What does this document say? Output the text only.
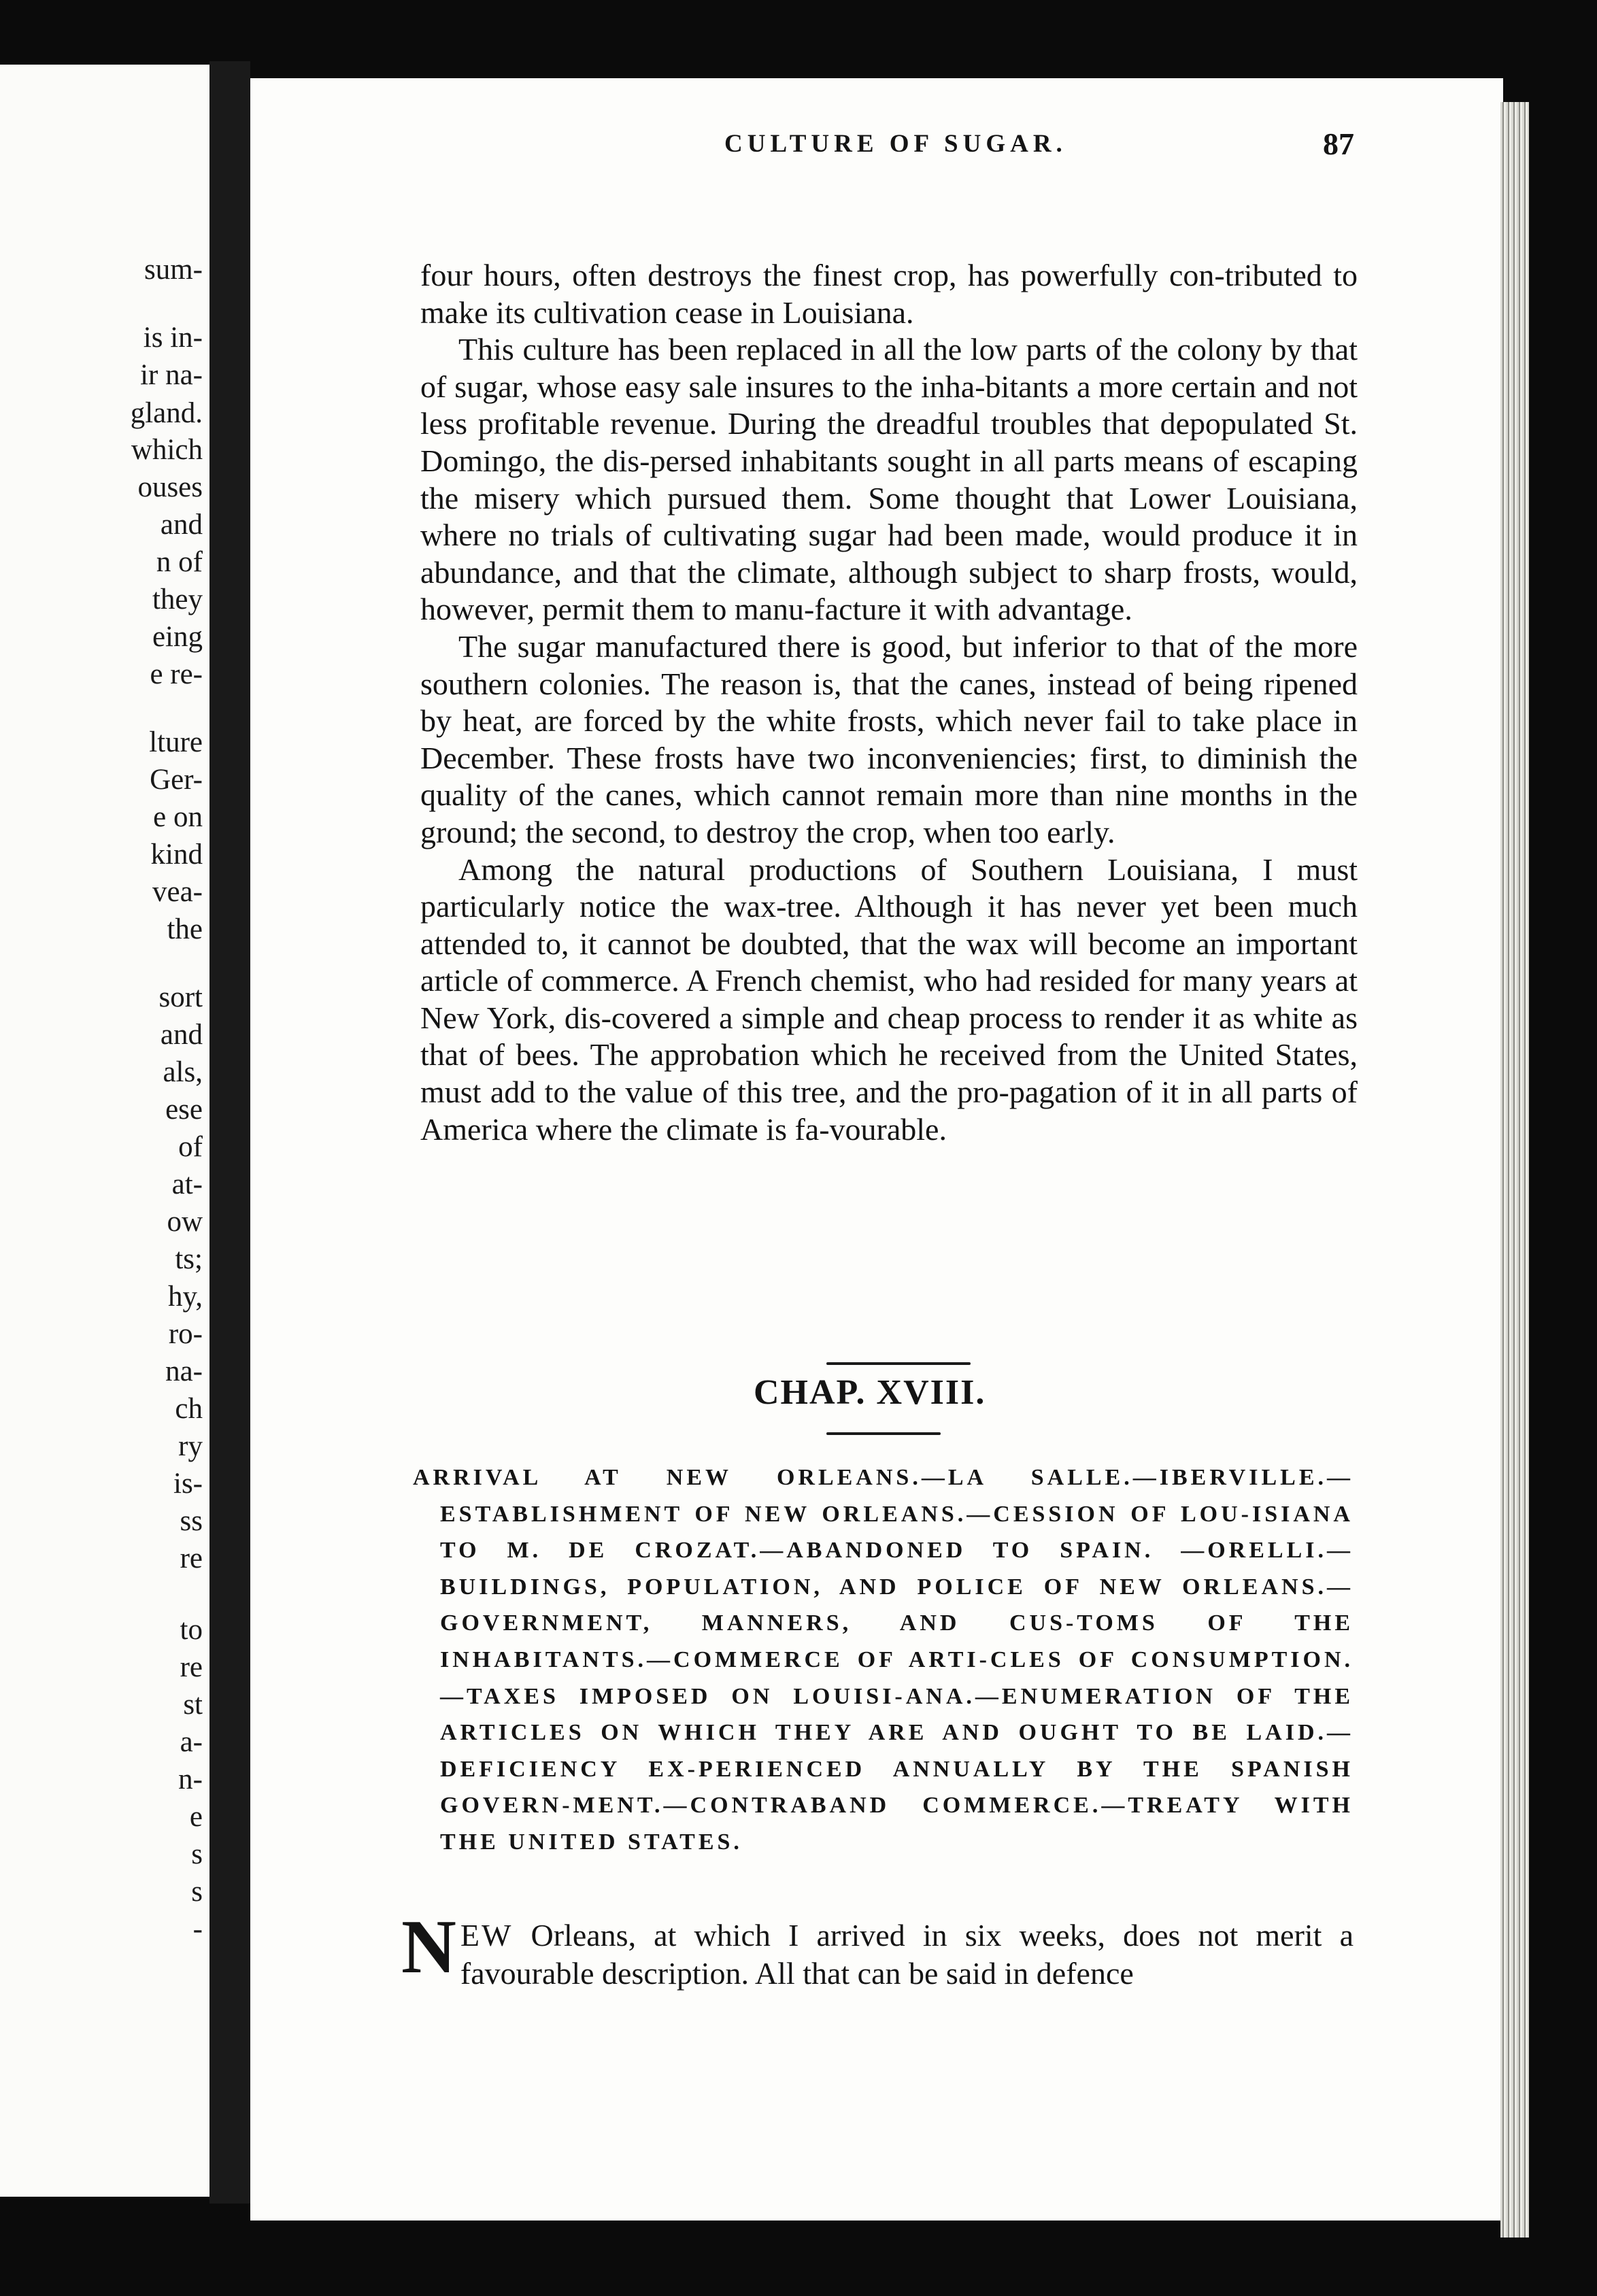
sum-
is in-
ir na-
gland.
which
ouses
and
n of
they
eing
e re-
lture
Ger-
e on
kind
vea-
the
sort
and
als,
ese
of
at-
ow
ts;
hy,
ro-
na-
ch
ry
is-
ss
re
to
re
st
a-
n-
e
s
s
-
CULTURE OF SUGAR.	87

four hours, often destroys the finest crop, has powerfully con-tributed to make its cultivation cease in Louisiana.

This culture has been replaced in all the low parts of the colony by that of sugar, whose easy sale insures to the inha-bitants a more certain and not less profitable revenue. During the dreadful troubles that depopulated St. Domingo, the dis-persed inhabitants sought in all parts means of escaping the misery which pursued them. Some thought that Lower Louisiana, where no trials of cultivating sugar had been made, would produce it in abundance, and that the climate, although subject to sharp frosts, would, however, permit them to manu-facture it with advantage.

The sugar manufactured there is good, but inferior to that of the more southern colonies. The reason is, that the canes, instead of being ripened by heat, are forced by the white frosts, which never fail to take place in December. These frosts have two inconveniencies; first, to diminish the quality of the canes, which cannot remain more than nine months in the ground; the second, to destroy the crop, when too early.

Among the natural productions of Southern Louisiana, I must particularly notice the wax-tree. Although it has never yet been much attended to, it cannot be doubted, that the wax will become an important article of commerce. A French chemist, who had resided for many years at New York, dis-covered a simple and cheap process to render it as white as that of bees. The approbation which he received from the United States, must add to the value of this tree, and the pro-pagation of it in all parts of America where the climate is fa-vourable.

CHAP. XVIII.
ARRIVAL AT NEW ORLEANS.—LA SALLE.—IBERVILLE.— ESTABLISHMENT OF NEW ORLEANS.—CESSION OF LOU-ISIANA TO M. DE CROZAT.—ABANDONED TO SPAIN. —ORELLI.—BUILDINGS, POPULATION, AND POLICE OF NEW ORLEANS.—GOVERNMENT, MANNERS, AND CUS-TOMS OF THE INHABITANTS.—COMMERCE OF ARTI-CLES OF CONSUMPTION.—TAXES IMPOSED ON LOUISI-ANA.—ENUMERATION OF THE ARTICLES ON WHICH THEY ARE AND OUGHT TO BE LAID.—DEFICIENCY EX-PERIENCED ANNUALLY BY THE SPANISH GOVERN-MENT.—CONTRABAND COMMERCE.—TREATY WITH THE UNITED STATES.
NEW Orleans, at which I arrived in six weeks, does not merit a favourable description. All that can be said in defence
